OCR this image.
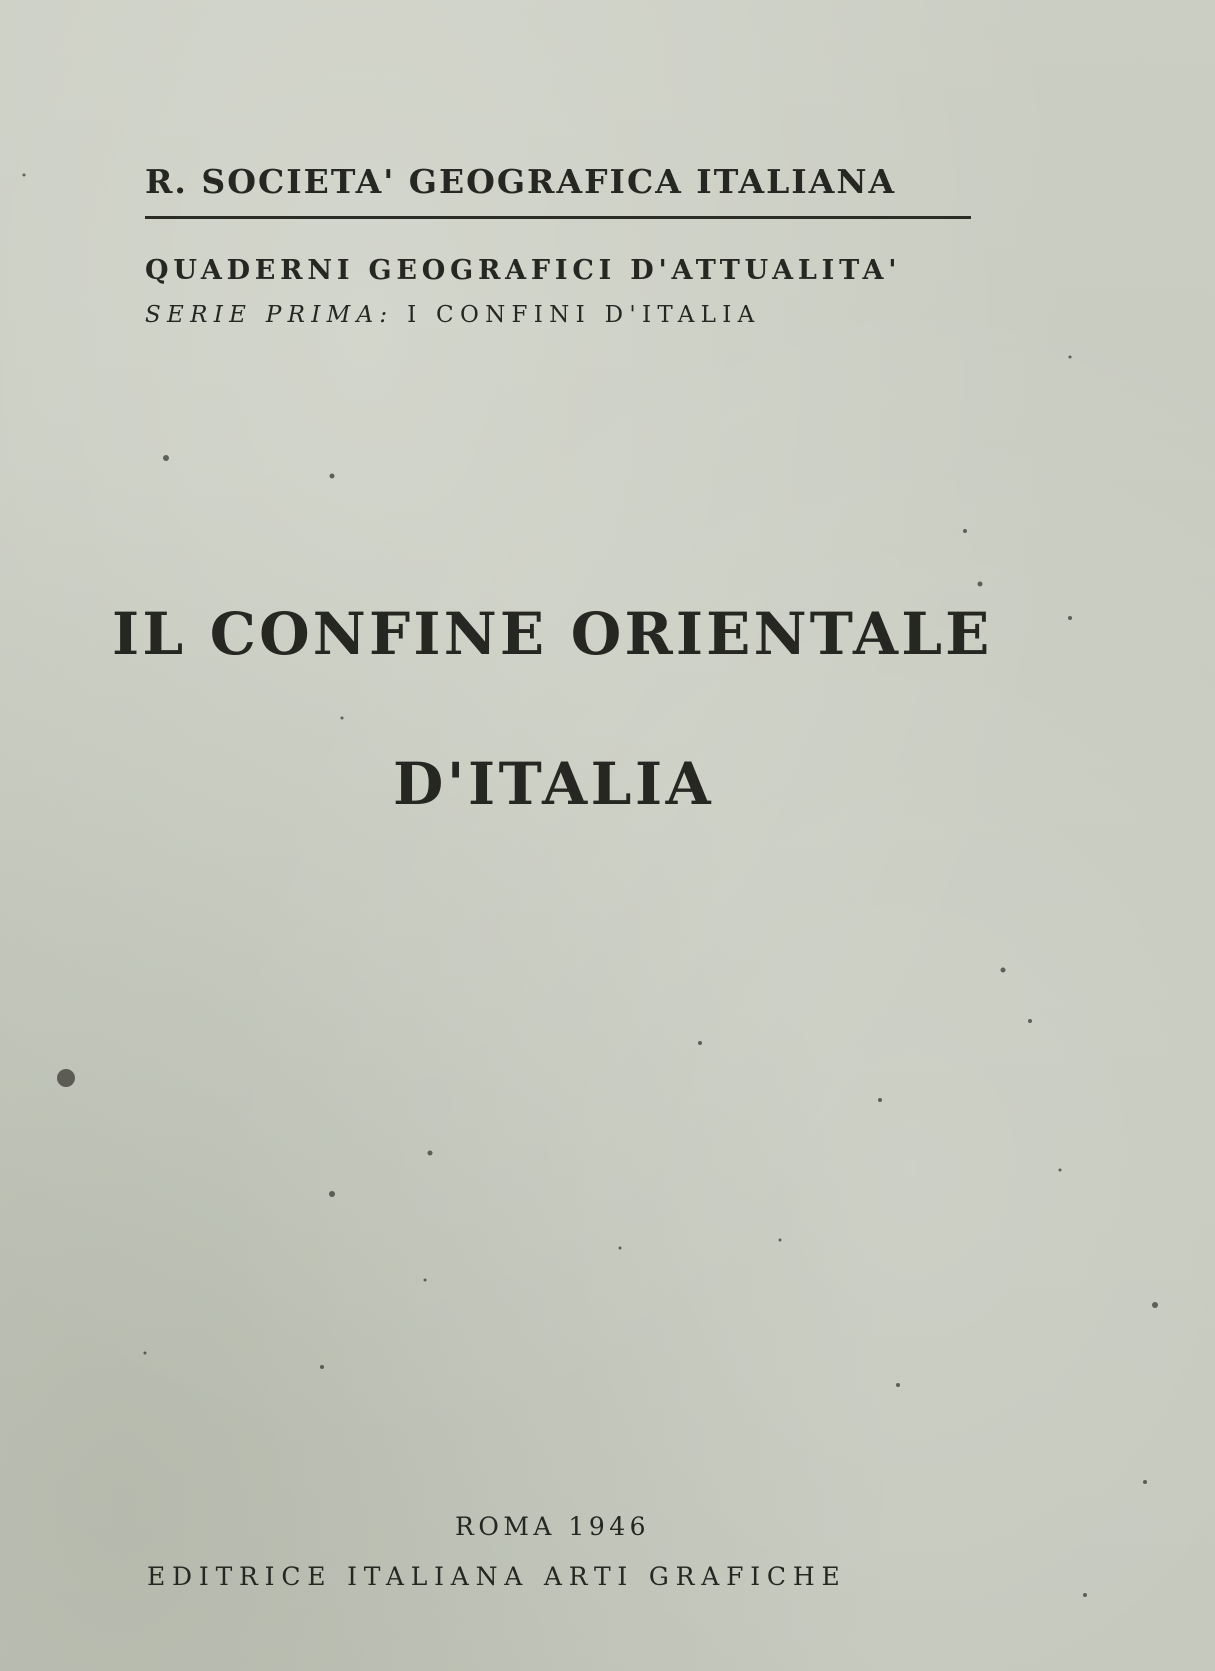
R. SOCIETA' GEOGRAFICA ITALIANA
QUADERNI GEOGRAFICI D'ATTUALITA'
SERIE PRIMA: I CONFINI D'ITALIA
IL CONFINE ORIENTALE
D'ITALIA
ROMA 1946
EDITRICE ITALIANA ARTI GRAFICHE
